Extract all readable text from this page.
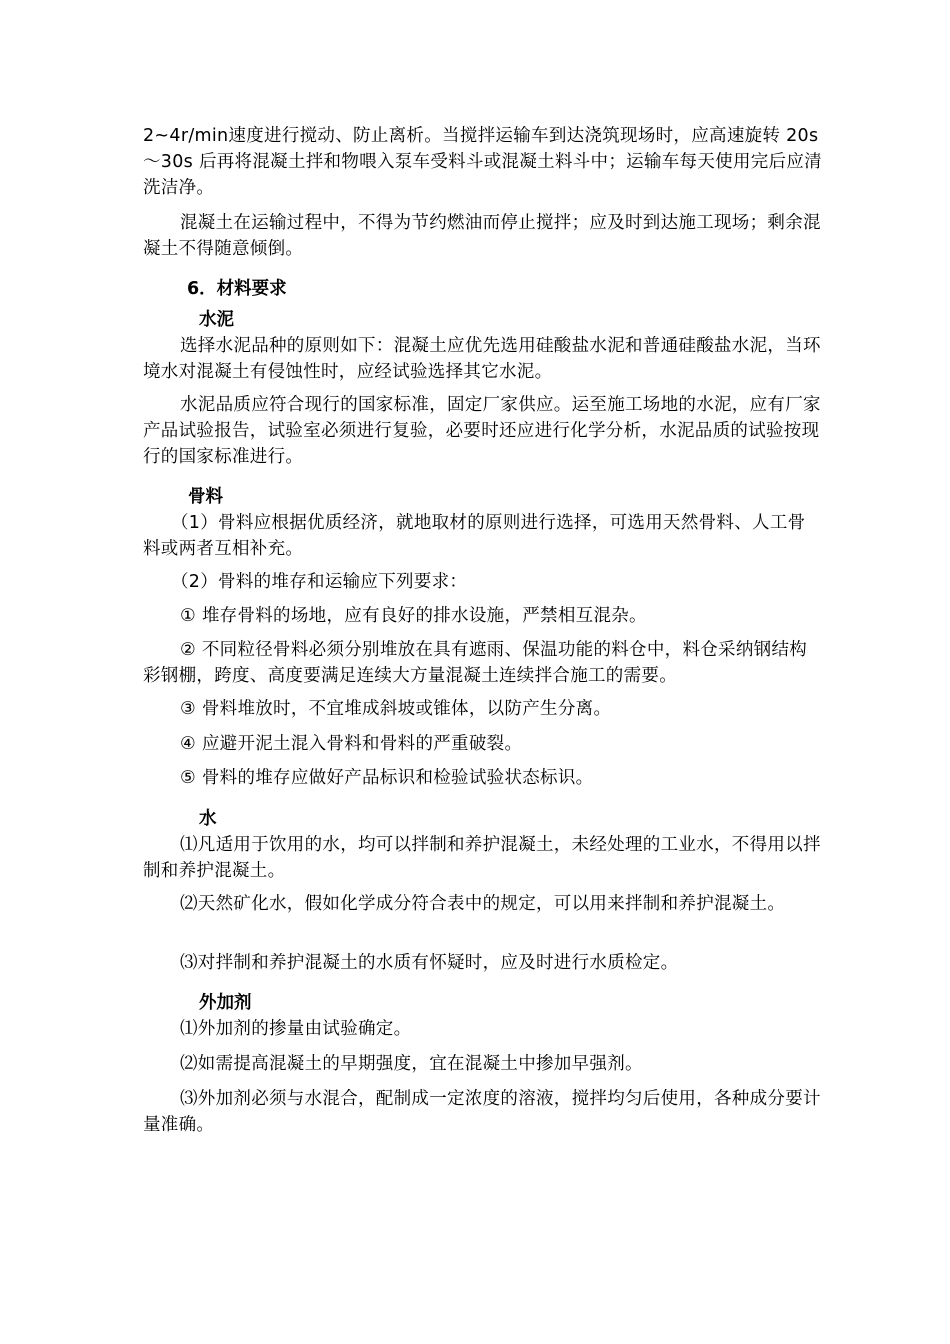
2~4r/min速度进行搅动、防止离析。当搅拌运输车到达浇筑现场时，应高速旋转 20s～30s 后再将混凝土拌和物喂入泵车受料斗或混凝土料斗中；运输车每天使用完后应清洗洁净。

混凝土在运输过程中，不得为节约燃油而停止搅拌；应及时到达施工现场；剩余混凝土不得随意倾倒。

6．材料要求

水泥

选择水泥品种的原则如下：混凝土应优先选用硅酸盐水泥和普通硅酸盐水泥，当环境水对混凝土有侵蚀性时，应经试验选择其它水泥。

水泥品质应符合现行的国家标准，固定厂家供应。运至施工场地的水泥，应有厂家产品试验报告，试验室必须进行复验，必要时还应进行化学分析，水泥品质的试验按现行的国家标准进行。

骨料

（1）骨料应根据优质经济，就地取材的原则进行选择，可选用天然骨料、人工骨料或两者互相补充。

（2）骨料的堆存和运输应下列要求：

① 堆存骨料的场地，应有良好的排水设施，严禁相互混杂。

② 不同粒径骨料必须分别堆放在具有遮雨、保温功能的料仓中，料仓采纳钢结构彩钢棚，跨度、高度要满足连续大方量混凝土连续拌合施工的需要。

③ 骨料堆放时，不宜堆成斜坡或锥体，以防产生分离。

④ 应避开泥土混入骨料和骨料的严重破裂。

⑤ 骨料的堆存应做好产品标识和检验试验状态标识。

水

⑴凡适用于饮用的水，均可以拌制和养护混凝土，未经处理的工业水，不得用以拌制和养护混凝土。

⑵天然矿化水，假如化学成分符合表中的规定，可以用来拌制和养护混凝土。

⑶对拌制和养护混凝土的水质有怀疑时，应及时进行水质检定。

外加剂

⑴外加剂的掺量由试验确定。

⑵如需提高混凝土的早期强度，宜在混凝土中掺加早强剂。

⑶外加剂必须与水混合，配制成一定浓度的溶液，搅拌均匀后使用，各种成分要计量准确。
